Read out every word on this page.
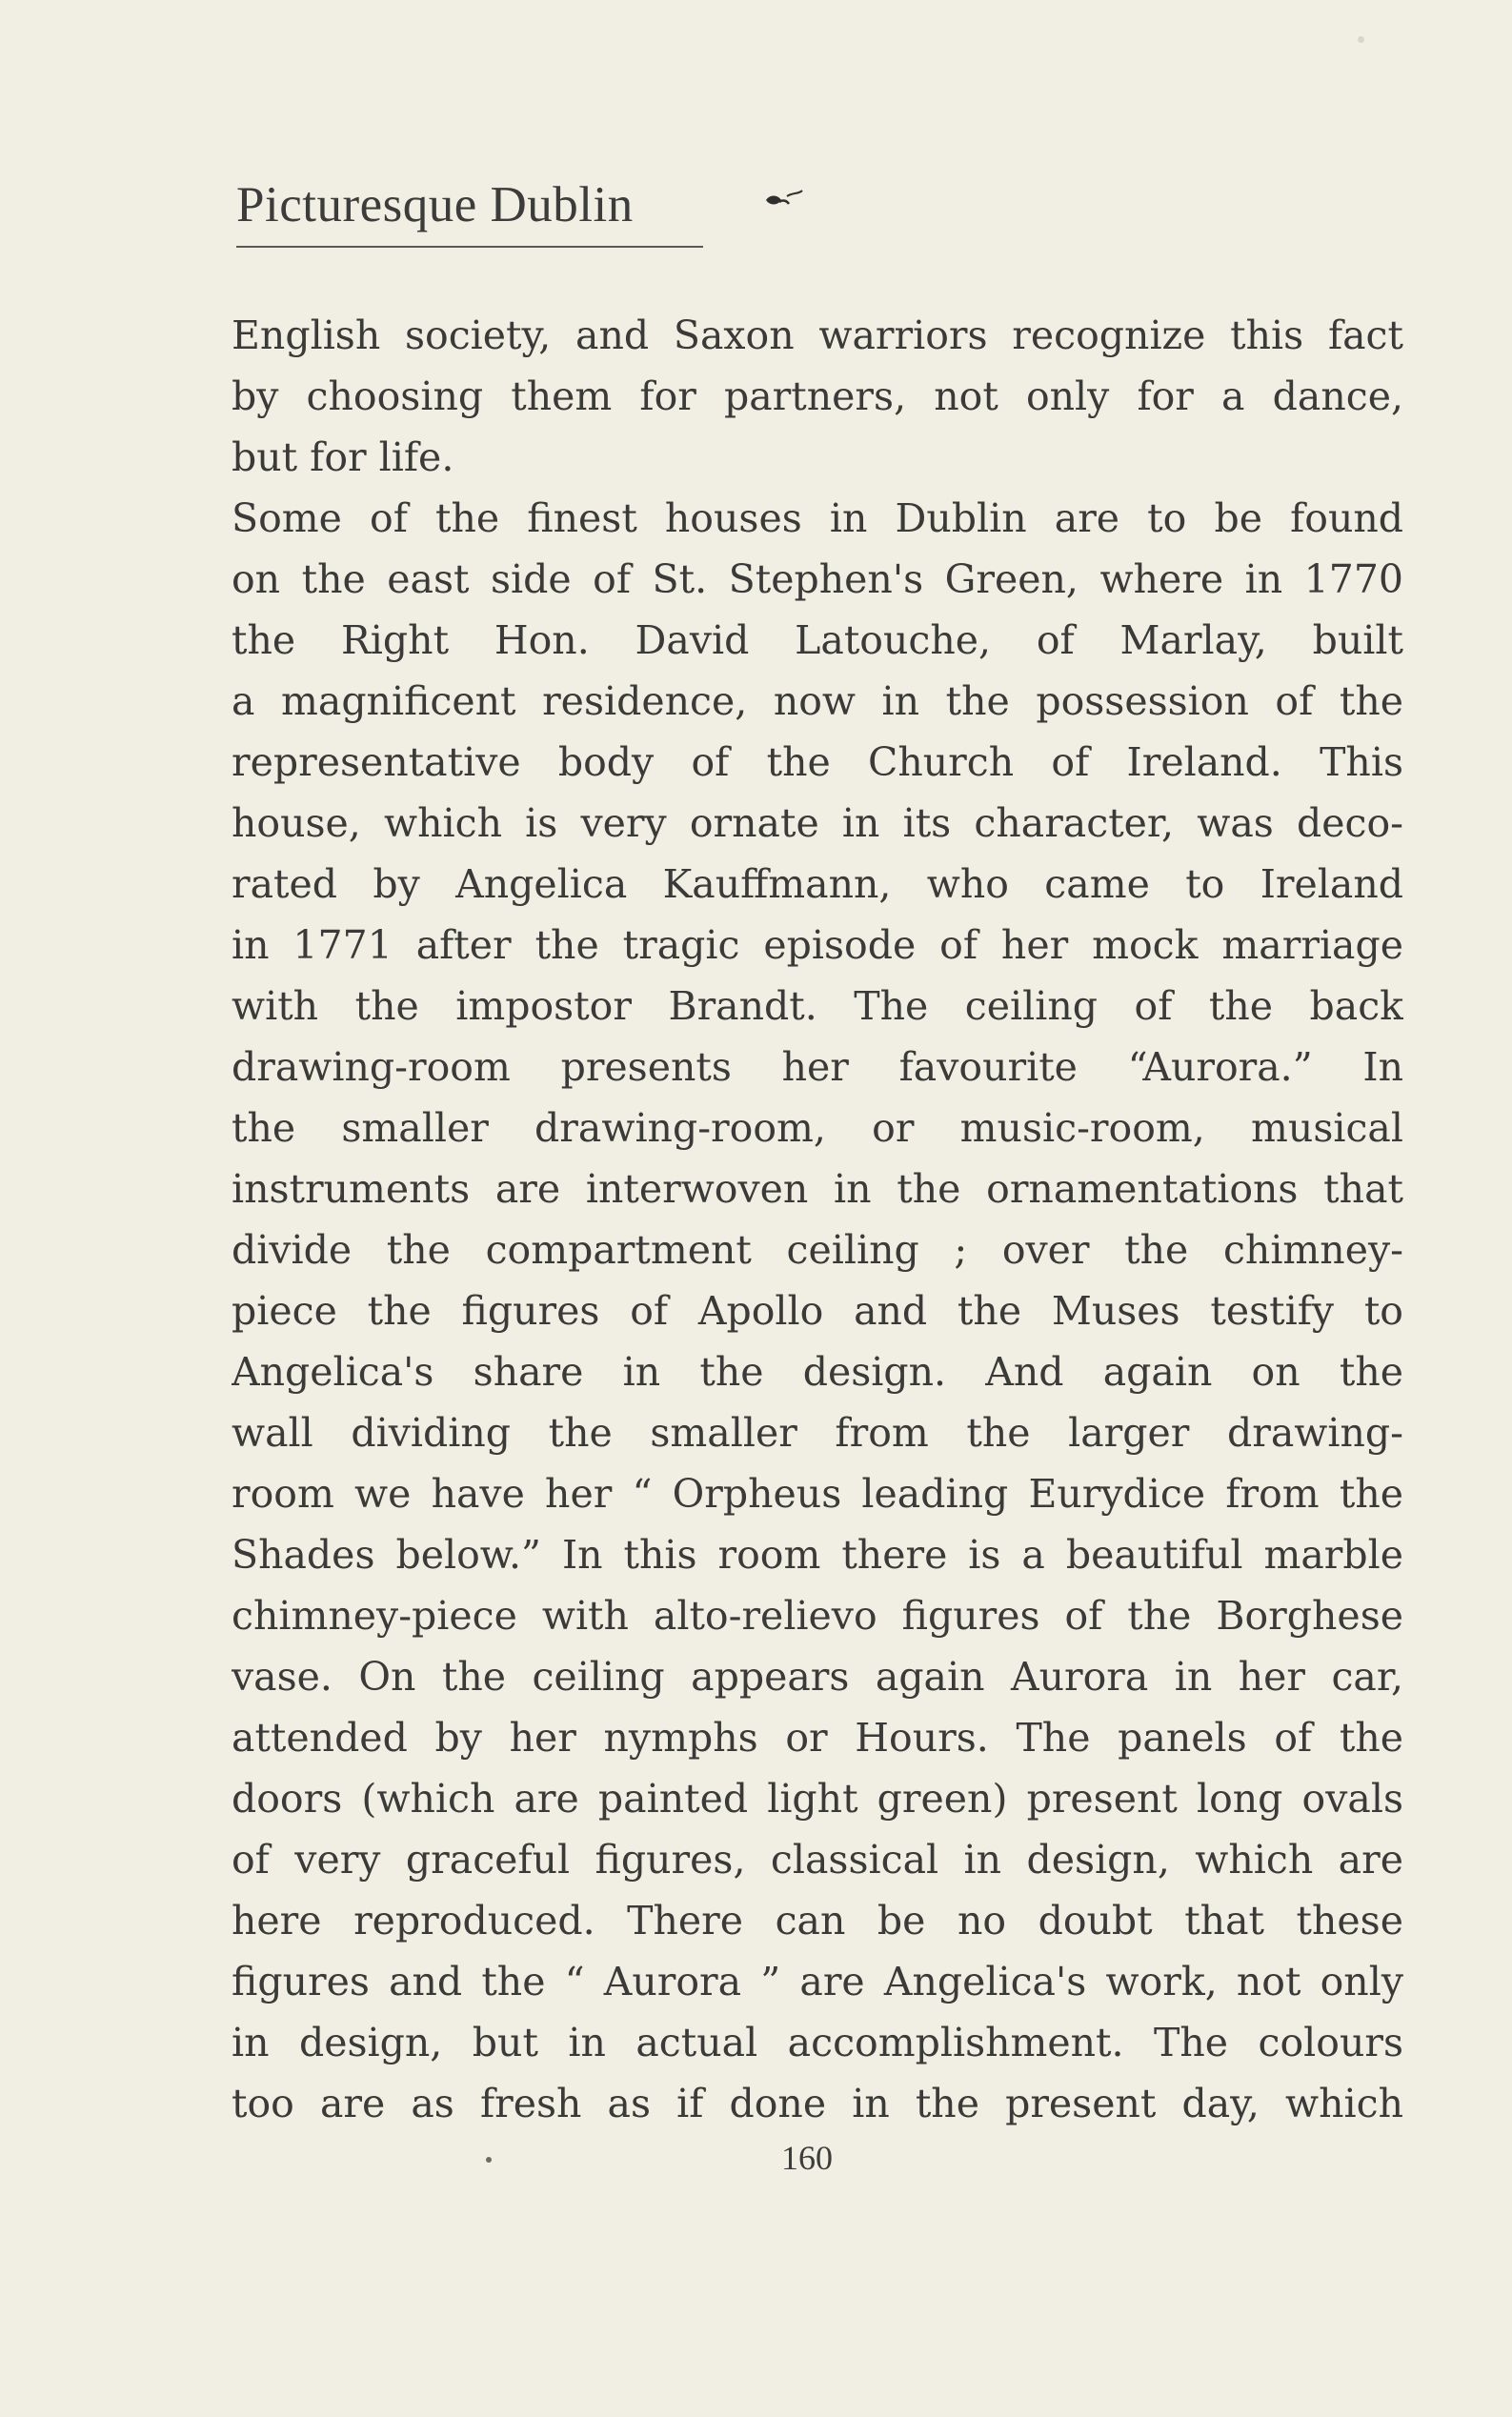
Picturesque Dublin
English society, and Saxon warriors recognize this fact
by choosing them for partners, not only for a dance,
but for life.
Some of the finest houses in Dublin are to be found
on the east side of St. Stephen's Green, where in 1770
the Right Hon. David Latouche, of Marlay, built
a magnificent residence, now in the possession of the
representative body of the Church of Ireland. This
house, which is very ornate in its character, was deco-
rated by Angelica Kauffmann, who came to Ireland
in 1771 after the tragic episode of her mock marriage
with the impostor Brandt. The ceiling of the back
drawing-room presents her favourite “Aurora.” In
the smaller drawing-room, or music-room, musical
instruments are interwoven in the ornamentations that
divide the compartment ceiling ; over the chimney-
piece the figures of Apollo and the Muses testify to
Angelica's share in the design. And again on the
wall dividing the smaller from the larger drawing-
room we have her “ Orpheus leading Eurydice from the
Shades below.” In this room there is a beautiful marble
chimney-piece with alto-relievo figures of the Borghese
vase. On the ceiling appears again Aurora in her car,
attended by her nymphs or Hours. The panels of the
doors (which are painted light green) present long ovals
of very graceful figures, classical in design, which are
here reproduced. There can be no doubt that these
figures and the “ Aurora ” are Angelica's work, not only
in design, but in actual accomplishment. The colours
too are as fresh as if done in the present day, which
160
